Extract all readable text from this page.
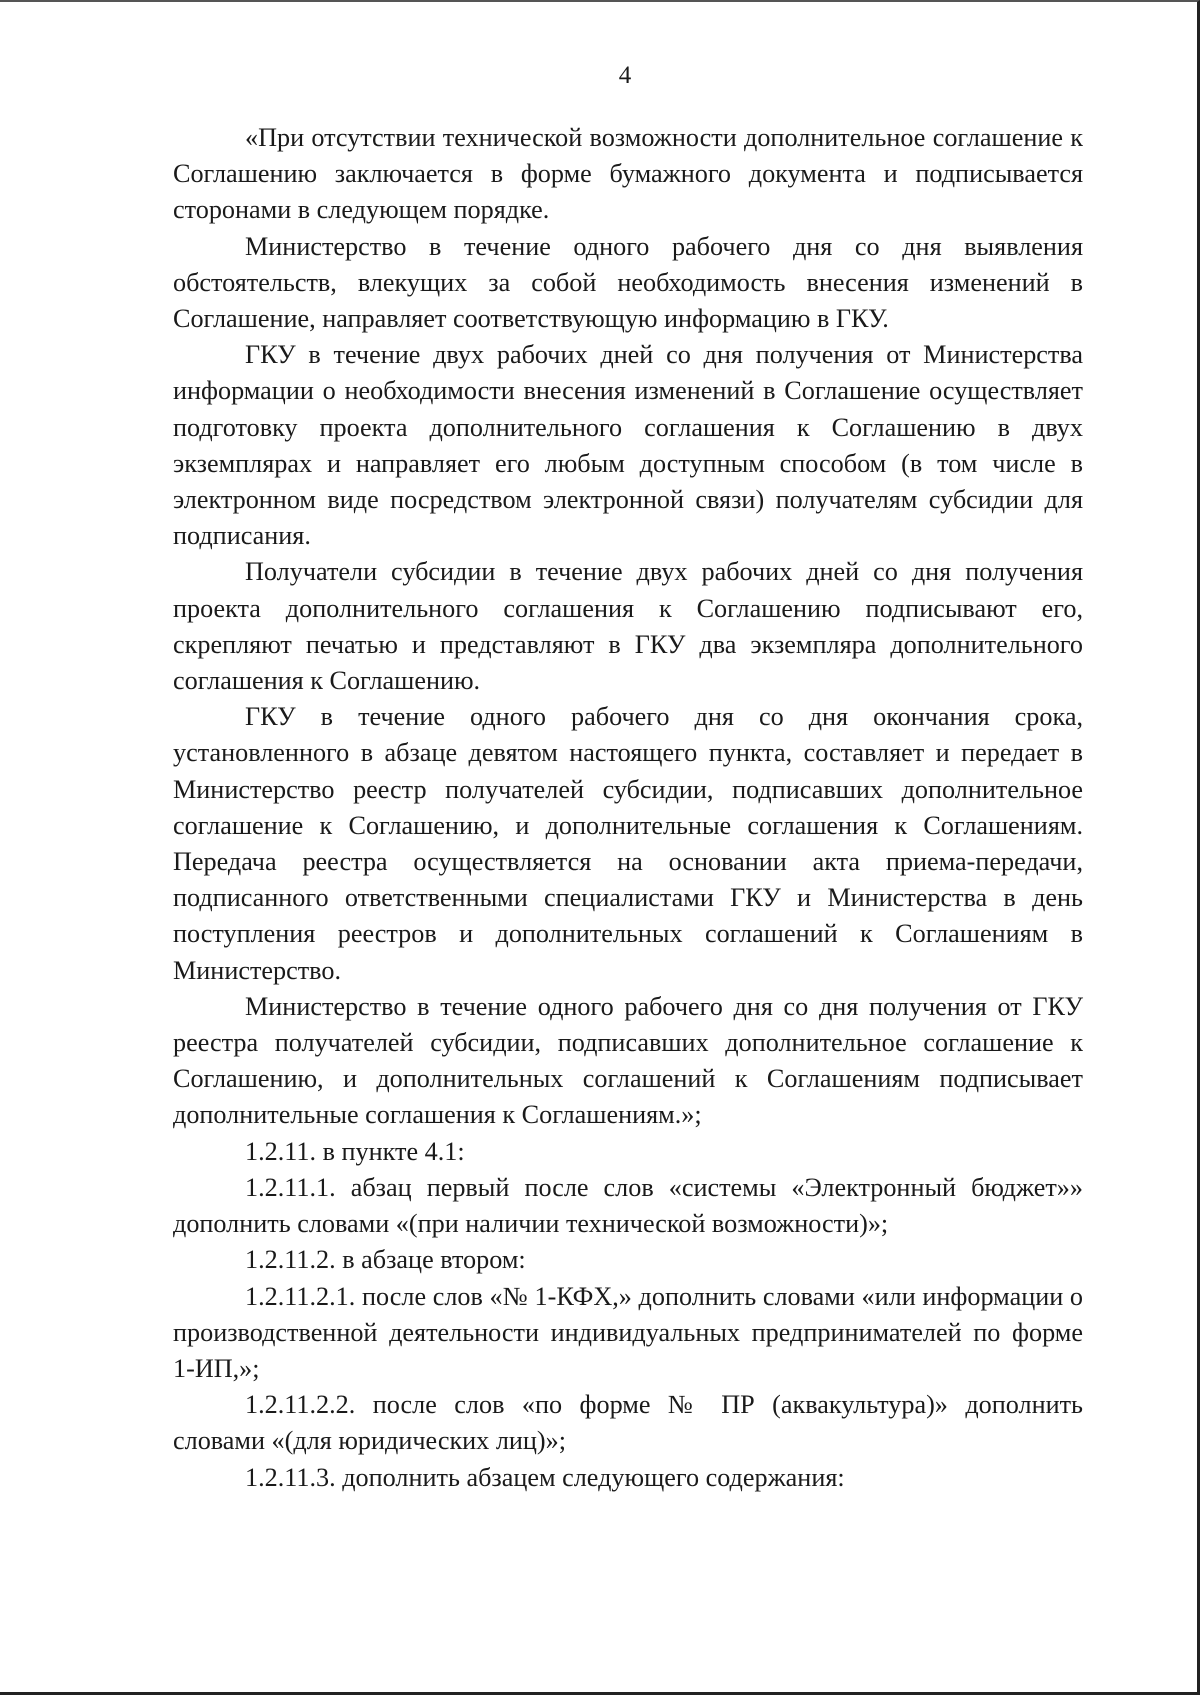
4

«При отсутствии технической возможности дополнительное соглашение к Соглашению заключается в форме бумажного документа и подписывается сторонами в следующем порядке.

Министерство в течение одного рабочего дня со дня выявления обстоятельств, влекущих за собой необходимость внесения изменений в Соглашение, направляет соответствующую информацию в ГКУ.

ГКУ в течение двух рабочих дней со дня получения от Министерства информации о необходимости внесения изменений в Соглашение осуществляет подготовку проекта дополнительного соглашения к Соглашению в двух экземплярах и направляет его любым доступным способом (в том числе в электронном виде посредством электронной связи) получателям субсидии для подписания.

Получатели субсидии в течение двух рабочих дней со дня получения проекта дополнительного соглашения к Соглашению подписывают его, скрепляют печатью и представляют в ГКУ два экземпляра дополнительного соглашения к Соглашению.

ГКУ в течение одного рабочего дня со дня окончания срока, установленного в абзаце девятом настоящего пункта, составляет и передает в Министерство реестр получателей субсидии, подписавших дополнительное соглашение к Соглашению, и дополнительные соглашения к Соглашениям. Передача реестра осуществляется на основании акта приема-передачи, подписанного ответственными специалистами ГКУ и Министерства в день поступления реестров и дополнительных соглашений к Соглашениям в Министерство.

Министерство в течение одного рабочего дня со дня получения от ГКУ реестра получателей субсидии, подписавших дополнительное соглашение к Соглашению, и дополнительных соглашений к Соглашениям подписывает дополнительные соглашения к Соглашениям.»;

1.2.11. в пункте 4.1:

1.2.11.1. абзац первый после слов «системы «Электронный бюджет»» дополнить словами «(при наличии технической возможности)»;

1.2.11.2. в абзаце втором:

1.2.11.2.1. после слов «№ 1-КФХ,» дополнить словами «или информации о производственной деятельности индивидуальных предпринимателей по форме 1-ИП,»;

1.2.11.2.2. после слов «по форме № ПР (аквакультура)» дополнить словами «(для юридических лиц)»;

1.2.11.3. дополнить абзацем следующего содержания:
